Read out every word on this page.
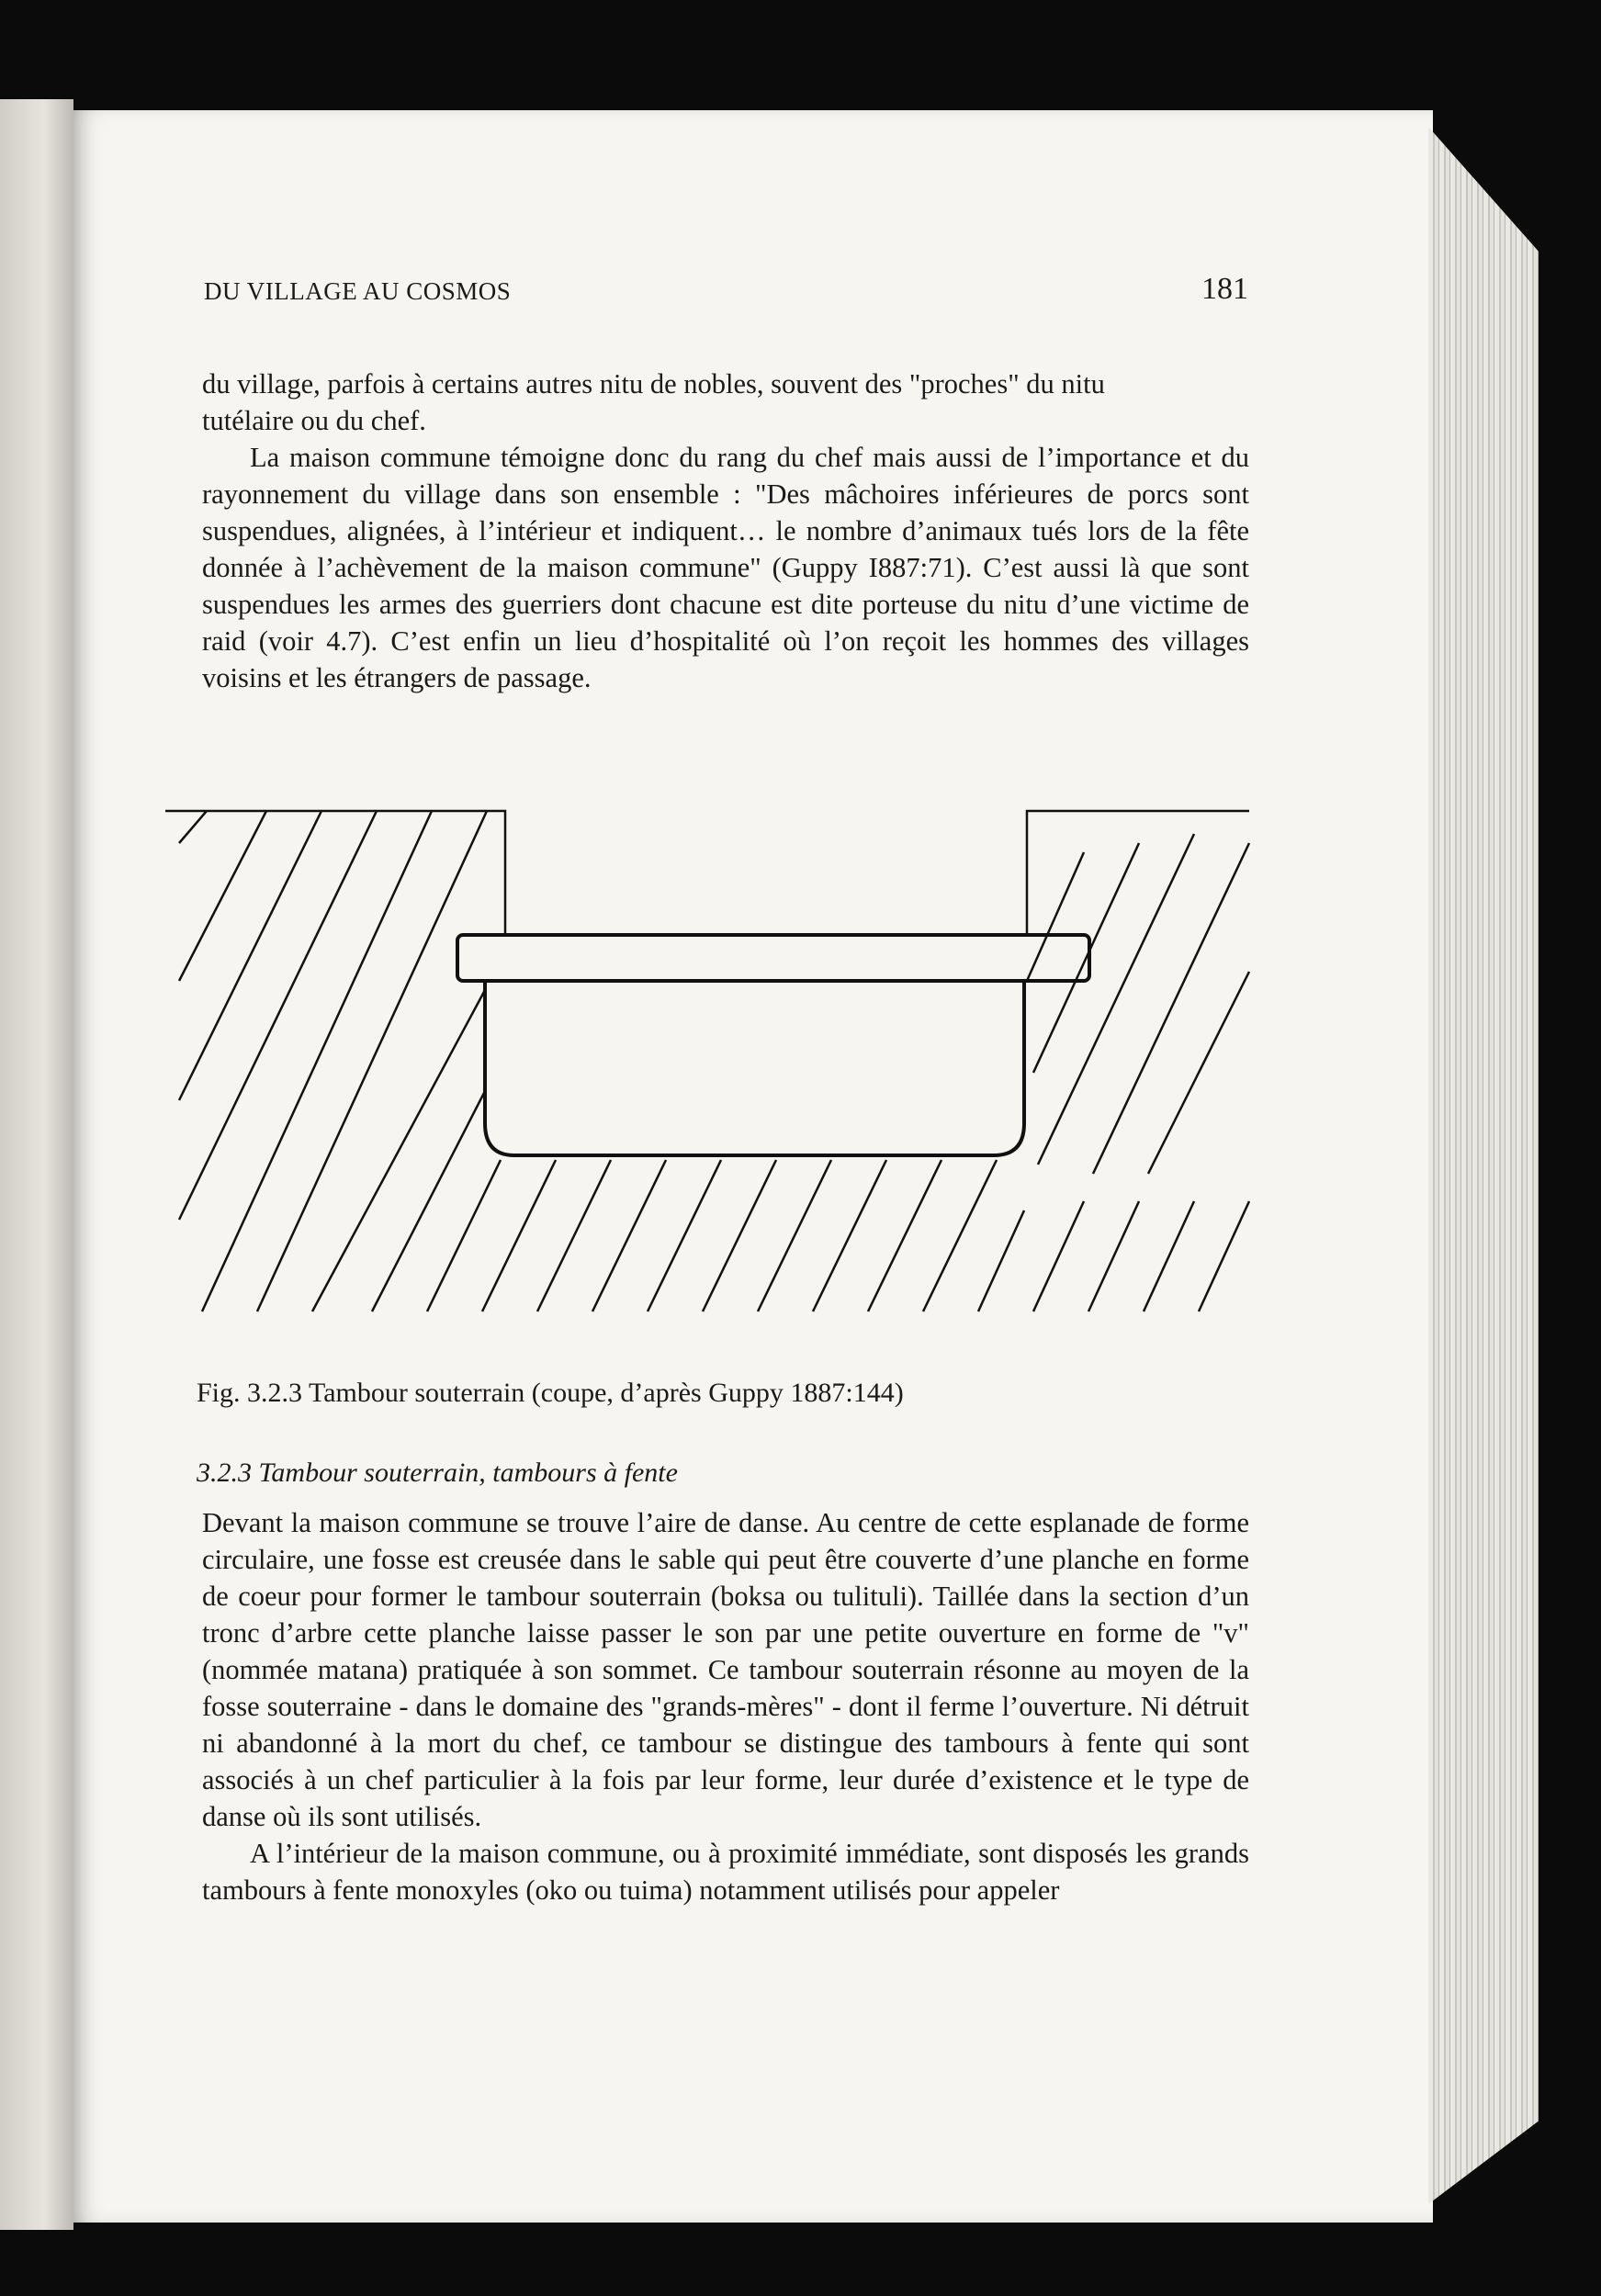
DU VILLAGE AU COSMOS	181

du village, parfois à certains autres nitu de nobles, souvent des "proches" du nitu
tutélaire ou du chef.

La maison commune témoigne donc du rang du chef mais aussi de l’importance et du rayonnement du village dans son ensemble : "Des mâchoires inférieures de porcs sont suspendues, alignées, à l’intérieur et indiquent… le nombre d’animaux tués lors de la fête donnée à l’achèvement de la maison commune" (Guppy I887:71). C’est aussi là que sont suspendues les armes des guerriers dont chacune est dite porteuse du nitu d’une victime de raid (voir 4.7). C’est enfin un lieu d’hospitalité où l’on reçoit les hommes des villages voisins et les étrangers de passage.

Fig. 3.2.3 Tambour souterrain (coupe, d’après Guppy 1887:144)
3.2.3 Tambour souterrain, tambours à fente

Devant la maison commune se trouve l’aire de danse. Au centre de cette esplanade de forme circulaire, une fosse est creusée dans le sable qui peut être couverte d’une planche en forme de coeur pour former le tambour souterrain (boksa ou tulituli). Taillée dans la section d’un tronc d’arbre cette planche laisse passer le son par une petite ouverture en forme de "v" (nommée matana) pratiquée à son sommet. Ce tambour souterrain résonne au moyen de la fosse souterraine - dans le domaine des "grands-mères" - dont il ferme l’ouverture. Ni détruit ni abandonné à la mort du chef, ce tambour se distingue des tambours à fente qui sont associés à un chef particulier à la fois par leur forme, leur durée d’existence et le type de danse où ils sont utilisés.

A l’intérieur de la maison commune, ou à proximité immédiate, sont disposés les grands tambours à fente monoxyles (oko ou tuima) notamment utilisés pour appeler
